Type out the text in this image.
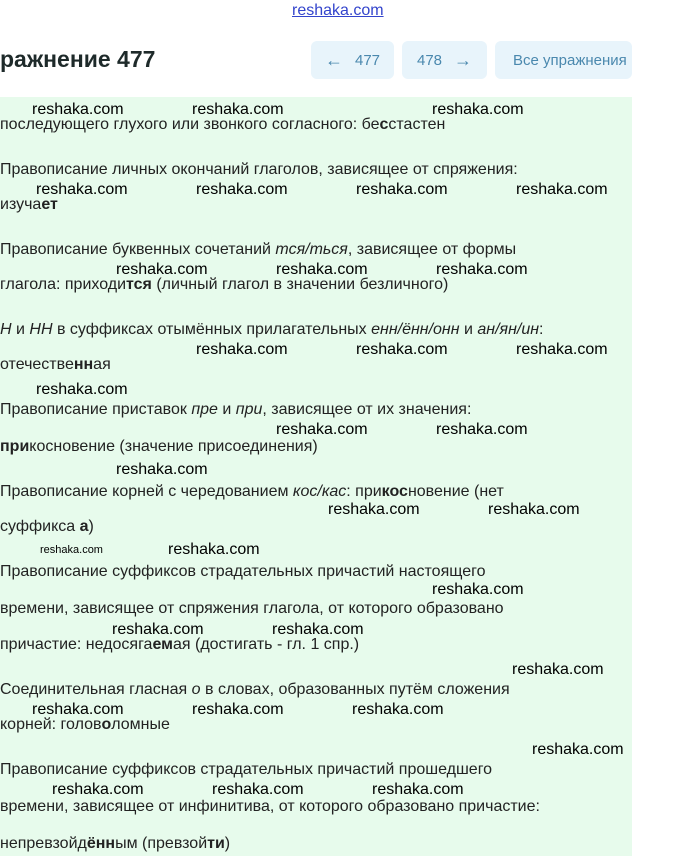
reshaka.com
ражнение 477	← 477 478 →	Все упражнения
последующего глухого или звонкого согласного: бесстастен
Правописание личных окончаний глаголов, зависящее от спряжения:
изучает
Правописание буквенных сочетаний тся/ться, зависящее от формы
глагола: приходится (личный глагол в значении безличного)
Н и НН в суффиксах отымённых прилагательных енн/ённ/онн и ан/ян/ин:
отечественная
Правописание приставок пре и при, зависящее от их значения:
прикосновение (значение присоединения)
Правописание корней с чередованием кос/кас: прикосновение (нет
суффикса а)
Правописание суффиксов страдательных причастий настоящего
времени, зависящее от спряжения глагола, от которого образовано
причастие: недосягаемая (достигать - гл. 1 спр.)
Соединительная гласная о в словах, образованных путём сложения
корней: головоломные
Правописание суффиксов страдательных причастий прошедшего
времени, зависящее от инфинитива, от которого образовано причастие:
непревзойдённым (превзойти)
reshaka.com	reshaka.com	reshaka.com
reshaka.com	reshaka.com	reshaka.com	reshaka.com
reshaka.com	reshaka.com	reshaka.com
reshaka.com	reshaka.com	reshaka.com
reshaka.com
reshaka.com	reshaka.com
reshaka.com
reshaka.com	reshaka.com
reshaka.com
reshaka.com
reshaka.com	reshaka.com
reshaka.com
reshaka.com	reshaka.com	reshaka.com
reshaka.com
reshaka.com	reshaka.com	reshaka.com
reshaka.com
